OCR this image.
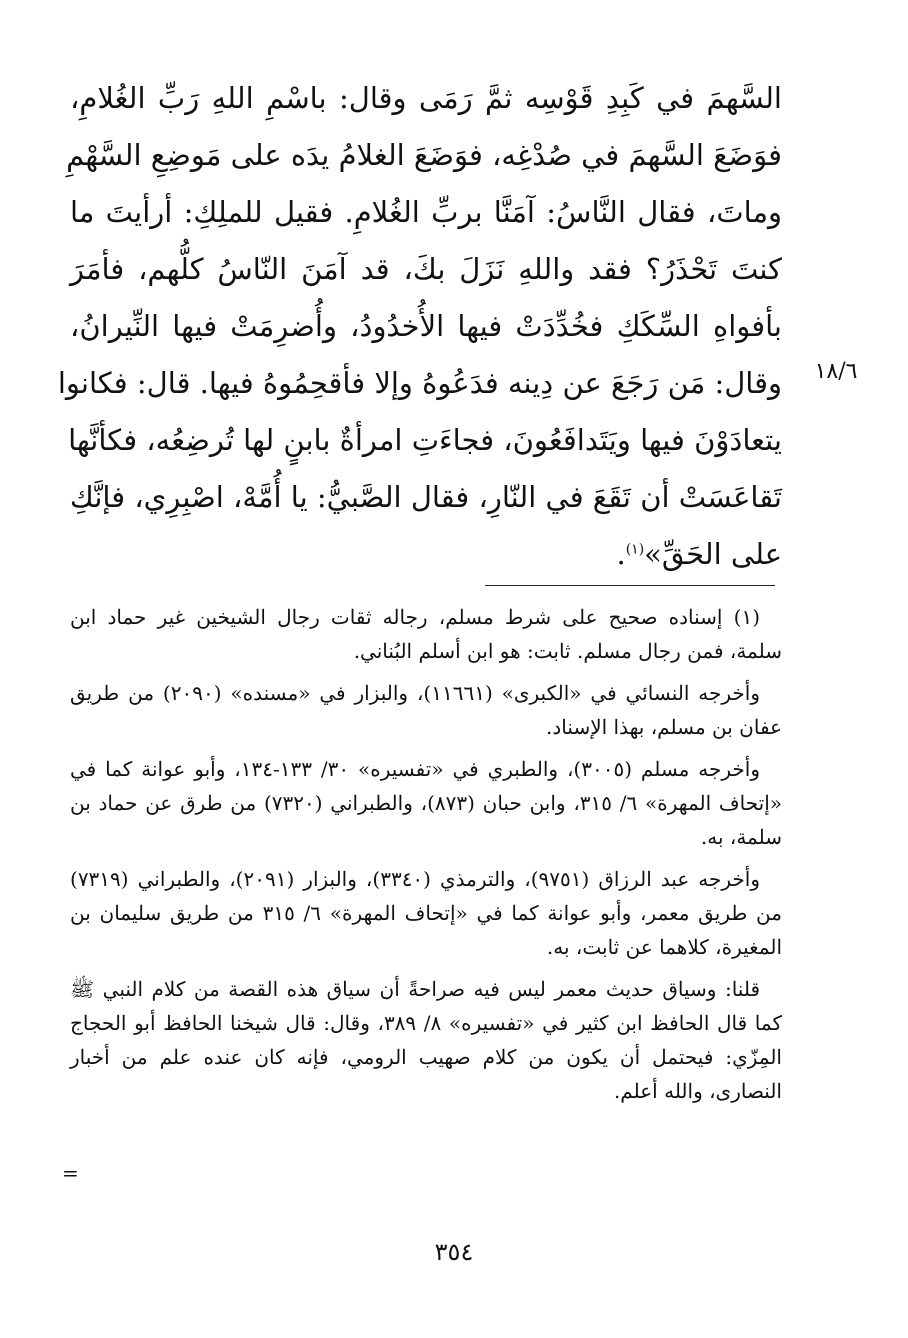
السَّهمَ في كَبِدِ قَوْسِه ثمَّ رَمَى وقال: باسْمِ اللهِ رَبِّ الغُلامِ،
فوَضَعَ السَّهمَ في صُدْغِه، فوَضَعَ الغلامُ يدَه على مَوضِعِ السَّهْمِ
وماتَ، فقال النَّاسُ: آمَنَّا بربِّ الغُلامِ. فقيل للملِكِ: أرأيتَ ما
كنتَ تَحْذَرُ؟ فقد واللهِ نَزَلَ بكَ، قد آمَنَ النّاسُ كلُّهم، فأمَرَ
بأفواهِ السِّكَكِ فخُدِّدَتْ فيها الأُخدُودُ، وأُضرِمَتْ فيها النِّيرانُ،
وقال: مَن رَجَعَ عن دِينه فدَعُوهُ وإلا فأقحِمُوهُ فيها. قال: فكانوا
يتعادَوْنَ فيها ويَتَدافَعُونَ، فجاءَتِ امرأةٌ بابنٍ لها تُرضِعُه، فكأنَّها
تَقاعَسَتْ أن تَقَعَ في النّارِ، فقال الصَّبيُّ: يا أُمَّهْ، اصْبِرِي، فإنَّكِ
على الحَقِّ»$^{(١)}$.
١٨/٦

(١) إسناده صحيح على شرط مسلم، رجاله ثقات رجال الشيخين غير حماد ابن سلمة، فمن رجال مسلم. ثابت: هو ابن أسلم البُناني.

وأخرجه النسائي في «الكبرى» (١١٦٦١)، والبزار في «مسنده» (٢٠٩٠) من طريق عفان بن مسلم، بهذا الإسناد.

وأخرجه مسلم (٣٠٠٥)، والطبري في «تفسيره» ٣٠/ ١٣٣-١٣٤، وأبو عوانة كما في «إتحاف المهرة» ٦/ ٣١٥، وابن حبان (٨٧٣)، والطبراني (٧٣٢٠) من طرق عن حماد بن سلمة، به.

وأخرجه عبد الرزاق (٩٧٥١)، والترمذي (٣٣٤٠)، والبزار (٢٠٩١)، والطبراني (٧٣١٩) من طريق معمر، وأبو عوانة كما في «إتحاف المهرة» ٦/ ٣١٥ من طريق سليمان بن المغيرة، كلاهما عن ثابت، به.

قلنا: وسياق حديث معمر ليس فيه صراحةً أن سياق هذه القصة من كلام النبي ﷺ كما قال الحافظ ابن كثير في «تفسيره» ٨/ ٣٨٩، وقال: قال شيخنا الحافظ أبو الحجاج المِزّي: فيحتمل أن يكون من كلام صهيب الرومي، فإنه كان عنده علم من أخبار النصارى، والله أعلم.

=
٣٥٤
